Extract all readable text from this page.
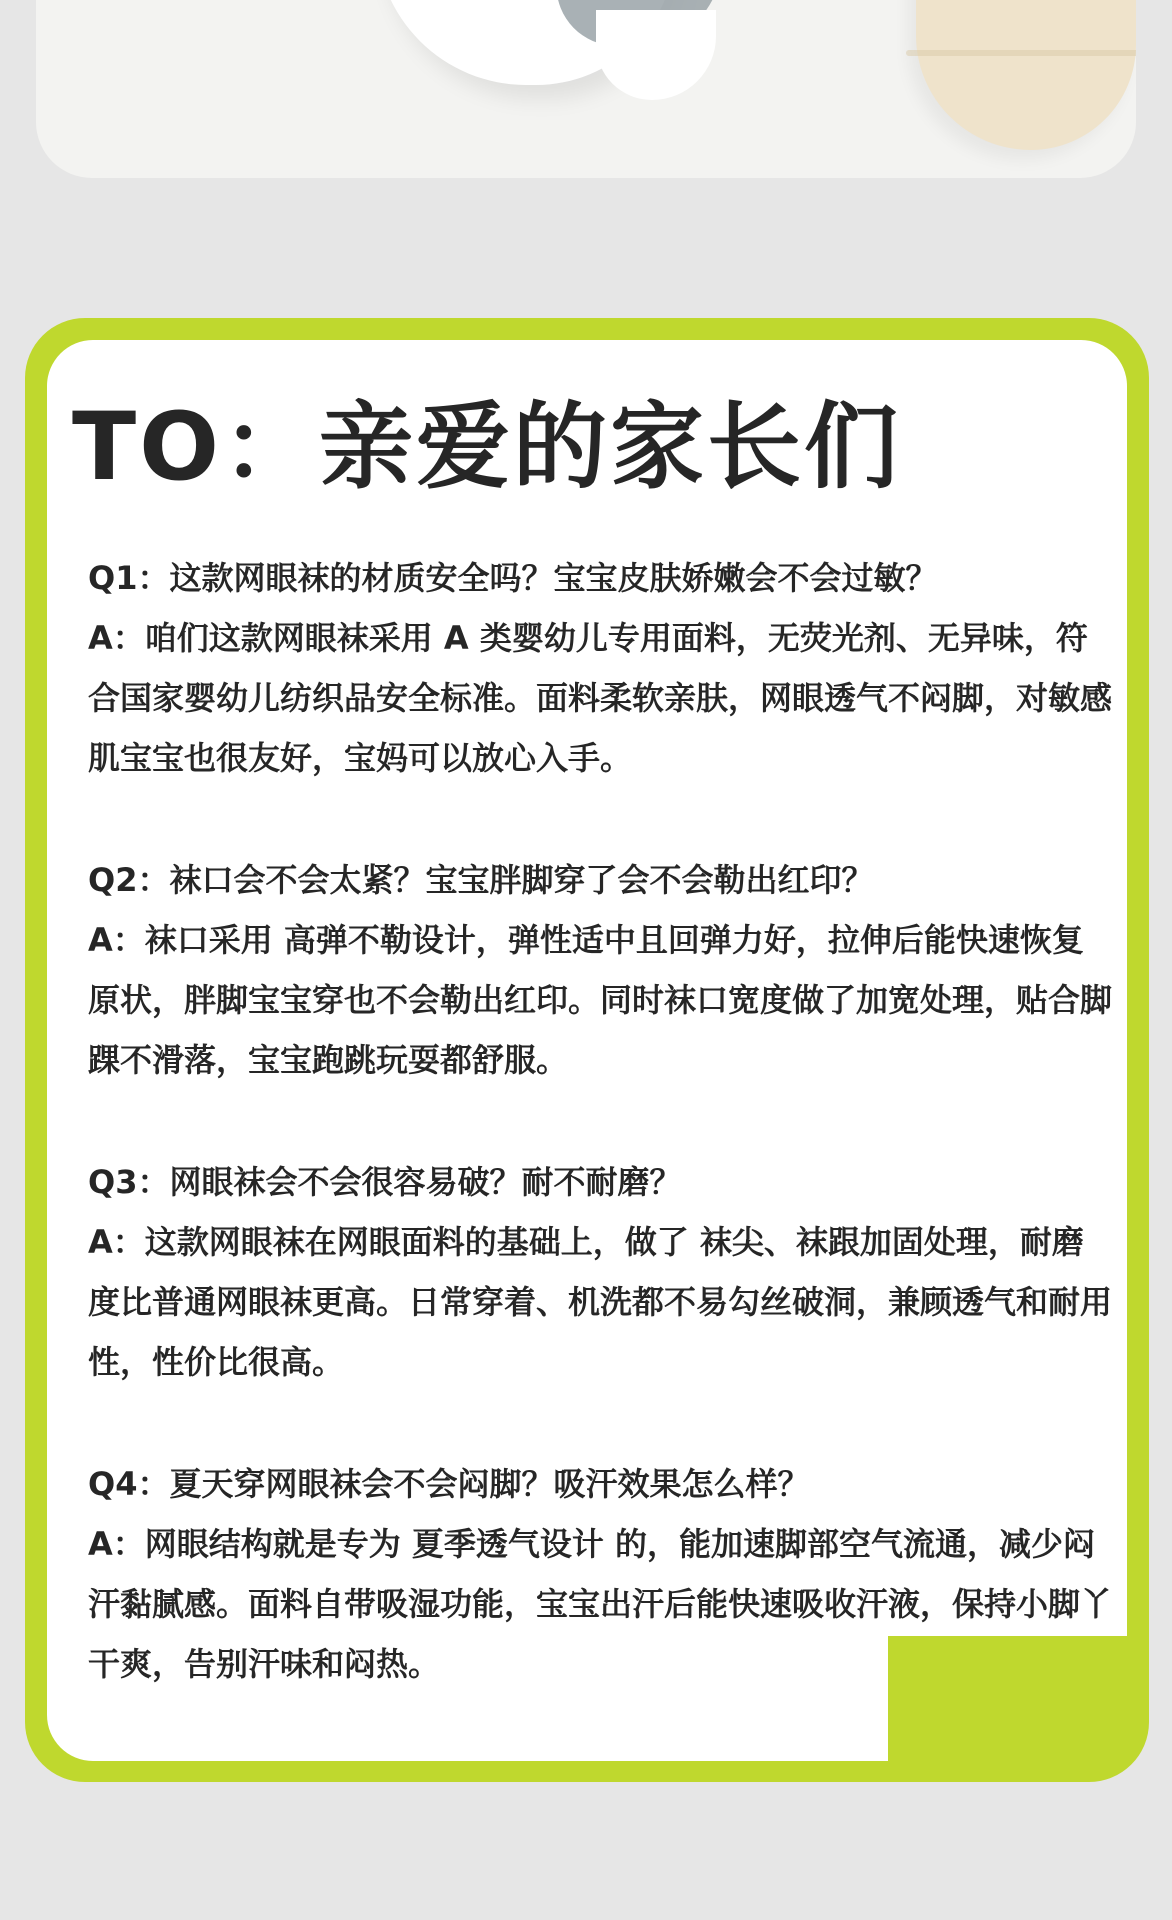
TO：亲爱的家长们

Q1：这款网眼袜的材质安全吗？宝宝皮肤娇嫩会不会过敏？

A：咱们这款网眼袜采用 A 类婴幼儿专用面料，无荧光剂、无异味，符合国家婴幼儿纺织品安全标准。面料柔软亲肤，网眼透气不闷脚，对敏感肌宝宝也很友好，宝妈可以放心入手。

Q2：袜口会不会太紧？宝宝胖脚穿了会不会勒出红印？

A：袜口采用 高弹不勒设计，弹性适中且回弹力好，拉伸后能快速恢复原状，胖脚宝宝穿也不会勒出红印。同时袜口宽度做了加宽处理，贴合脚踝不滑落，宝宝跑跳玩耍都舒服。

Q3：网眼袜会不会很容易破？耐不耐磨？

A：这款网眼袜在网眼面料的基础上，做了 袜尖、袜跟加固处理，耐磨度比普通网眼袜更高。日常穿着、机洗都不易勾丝破洞，兼顾透气和耐用性，性价比很高。

Q4：夏天穿网眼袜会不会闷脚？吸汗效果怎么样？

A：网眼结构就是专为 夏季透气设计 的，能加速脚部空气流通，减少闷汗黏腻感。面料自带吸湿功能，宝宝出汗后能快速吸收汗液，保持小脚丫干爽，告别汗味和闷热。
